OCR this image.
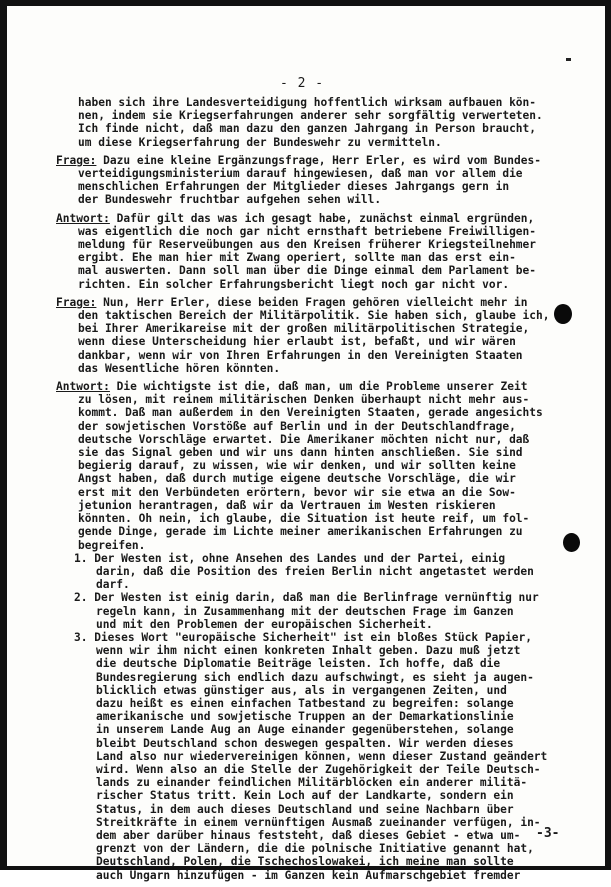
- 2 -
haben sich ihre Landesverteidigung hoffentlich wirksam aufbauen kön-
nen, indem sie Kriegserfahrungen anderer sehr sorgfältig verwerteten.
Ich finde nicht, daß man dazu den ganzen Jahrgang in Person braucht,
um diese Kriegserfahrung der Bundeswehr zu vermitteln.
Frage: Dazu eine kleine Ergänzungsfrage, Herr Erler, es wird vom Bundes-
verteidigungsministerium darauf hingewiesen, daß man vor allem die
menschlichen Erfahrungen der Mitglieder dieses Jahrgangs gern in
der Bundeswehr fruchtbar aufgehen sehen will.
Antwort: Dafür gilt das was ich gesagt habe, zunächst einmal ergründen,
was eigentlich die noch gar nicht ernsthaft betriebene Freiwilligen-
meldung für Reserveübungen aus den Kreisen früherer Kriegsteilnehmer
ergibt. Ehe man hier mit Zwang operiert, sollte man das erst ein-
mal auswerten. Dann soll man über die Dinge einmal dem Parlament be-
richten. Ein solcher Erfahrungsbericht liegt noch gar nicht vor.
Frage: Nun, Herr Erler, diese beiden Fragen gehören vielleicht mehr in
den taktischen Bereich der Militärpolitik. Sie haben sich, glaube ich,
bei Ihrer Amerikareise mit der großen militärpolitischen Strategie,
wenn diese Unterscheidung hier erlaubt ist, befaßt, und wir wären
dankbar, wenn wir von Ihren Erfahrungen in den Vereinigten Staaten
das Wesentliche hören könnten.
Antwort: Die wichtigste ist die, daß man, um die Probleme unserer Zeit
zu lösen, mit reinem militärischen Denken überhaupt nicht mehr aus-
kommt. Daß man außerdem in den Vereinigten Staaten, gerade angesichts
der sowjetischen Vorstöße auf Berlin und in der Deutschlandfrage,
deutsche Vorschläge erwartet. Die Amerikaner möchten nicht nur, daß
sie das Signal geben und wir uns dann hinten anschließen. Sie sind
begierig darauf, zu wissen, wie wir denken, und wir sollten keine
Angst haben, daß durch mutige eigene deutsche Vorschläge, die wir
erst mit den Verbündeten erörtern, bevor wir sie etwa an die Sow-
jetunion herantragen, daß wir da Vertrauen im Westen riskieren
könnten. Oh nein, ich glaube, die Situation ist heute reif, um fol-
gende Dinge, gerade im Lichte meiner amerikanischen Erfahrungen zu
begreifen.
1. Der Westen ist, ohne Ansehen des Landes und der Partei, einig
darin, daß die Position des freien Berlin nicht angetastet werden
darf.
2. Der Westen ist einig darin, daß man die Berlinfrage vernünftig nur
regeln kann, in Zusammenhang mit der deutschen Frage im Ganzen
und mit den Problemen der europäischen Sicherheit.
3. Dieses Wort "europäische Sicherheit" ist ein bloßes Stück Papier,
wenn wir ihm nicht einen konkreten Inhalt geben. Dazu muß jetzt
die deutsche Diplomatie Beiträge leisten. Ich hoffe, daß die
Bundesregierung sich endlich dazu aufschwingt, es sieht ja augen-
blicklich etwas günstiger aus, als in vergangenen Zeiten, und
dazu heißt es einen einfachen Tatbestand zu begreifen: solange
amerikanische und sowjetische Truppen an der Demarkationslinie
in unserem Lande Aug an Auge einander gegenüberstehen, solange
bleibt Deutschland schon deswegen gespalten. Wir werden dieses
Land also nur wiedervereinigen können, wenn dieser Zustand geändert
wird. Wenn also an die Stelle der Zugehörigkeit der Teile Deutsch-
lands zu einander feindlichen Militärblöcken ein anderer militä-
rischer Status tritt. Kein Loch auf der Landkarte, sondern ein
Status, in dem auch dieses Deutschland und seine Nachbarn über
Streitkräfte in einem vernünftigen Ausmaß zueinander verfügen, in-
dem aber darüber hinaus feststeht, daß dieses Gebiet - etwa um-
grenzt von der Ländern, die die polnische Initiative genannt hat,
Deutschland, Polen, die Tschechoslowakei, ich meine man sollte
auch Ungarn hinzufügen - im Ganzen kein Aufmarschgebiet fremder
-3-
